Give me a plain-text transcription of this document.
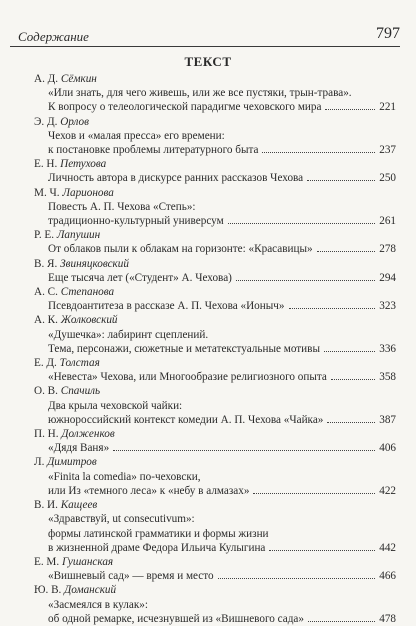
Содержание	797
ТЕКСТ
А. Д. Сёмкин
«Или знать, для чего живешь, или же все пустяки, трын-трава».
К вопросу о телеологической парадигме чеховского мира	221
Э. Д. Орлов
Чехов и «малая пресса» его времени:
к постановке проблемы литературного быта	237
Е. Н. Петухова
Личность автора в дискурсе ранних рассказов Чехова	250
М. Ч. Ларионова
Повесть А. П. Чехова «Степь»:
традиционно-культурный универсум	261
Р. Е. Лапушин
От облаков пыли к облакам на горизонте: «Красавицы»	278
В. Я. Звиняцковский
Еще тысяча лет («Студент» А. Чехова)	294
А. С. Степанова
Псевдоантитеза в рассказе А. П. Чехова «Ионыч»	323
А. К. Жолковский
«Душечка»: лабиринт сцеплений.
Тема, персонажи, сюжетные и метатекстуальные мотивы	336
Е. Д. Толстая
«Невеста» Чехова, или Многообразие религиозного опыта	358
О. В. Спачиль
Два крыла чеховской чайки:
южнороссийский контекст комедии А. П. Чехова «Чайка»	387
П. Н. Долженков
«Дядя Ваня»	406
Л. Димитров
«Finita la comedia» по-чеховски,
или Из «темного леса» к «небу в алмазах»	422
В. И. Кащеев
«Здравствуй, ut consecutivum»:
формы латинской грамматики и формы жизни
в жизненной драме Федора Ильича Кулыгина	442
Е. М. Гушанская
«Вишневый сад» — время и место	466
Ю. В. Доманский
«Засмеялся в кулак»:
об одной ремарке, исчезнувшей из «Вишневого сада»	478
